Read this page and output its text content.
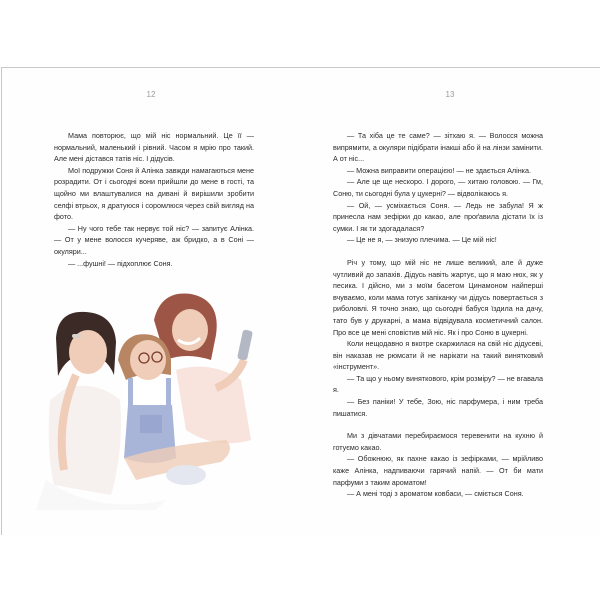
12

Мама повторює, що мій ніс нормальний. Це її — нормальний, маленький і рівний. Часом я мрію про такий. Але мені дістався татів ніс. І дідусів.

Мої подружки Соня й Алінка завжди намагаються мене розрадити. От і сьогодні вони прийшли до мене в гості, та щойно ми влаштувалися на дивані й вирішили зробити селфі втрьох, я дратуюся і соромлюся через свій вигляд на фото.

— Ну чого тебе так нервує той ніс? — запитує Алінка. — От у мене волосся кучеряве, аж бридко, а в Соні — окуляри...

— ...фушні! — підхоплює Соня.

13

— Та хіба це те саме? — зітхаю я. — Волосся можна випрямити, а окуляри підібрати інакші або й на лінзи замінити. А от ніс...

— Можна виправити операцією! — не здається Алінка.

— Але це ще нескоро. І дорого, — хитаю головою. — Гм, Соню, ти сьогодні була у цукерні? — відволікаюсь я.

— Ой, — усміхається Соня. — Ледь не забула! Я ж принесла нам зефірки до какао, але проґавила дістати їх із сумки. І як ти здогадалася?

— Це не я, — знизую плечима. — Це мій ніс!

Річ у тому, що мій ніс не лише великий, але й дуже чутливий до запахів. Дідусь навіть жартує, що я маю нюх, як у песика. І дійсно, ми з моїм басетом Цинамоном найперші вчуваємо, коли мама готує запіканку чи дідусь повертається з риболовлі. Я точно знаю, що сьогодні бабуся їздила на дачу, тато був у друкарні, а мама відвідувала косметичний салон. Про все це мені сповістив мій ніс. Як і про Соню в цукерні.

Коли нещодавно я вкотре скаржилася на свій ніс дідусеві, він наказав не рюмсати й не нарікати на такий винятковий «інструмент».

— Та що у ньому виняткового, крім розміру? — не вгавала я.

— Без паніки! У тебе, Зою, ніс парфумера, і ним треба пишатися.

Ми з дівчатами перебираємося теревенити на кухню й готуємо какао.

— Обожнюю, як пахне какао із зефірками, — мрійливо каже Алінка, надпиваючи гарячий напій. — От би мати парфуми з таким ароматом!

— А мені тоді з ароматом ковбаси, — сміється Соня.
